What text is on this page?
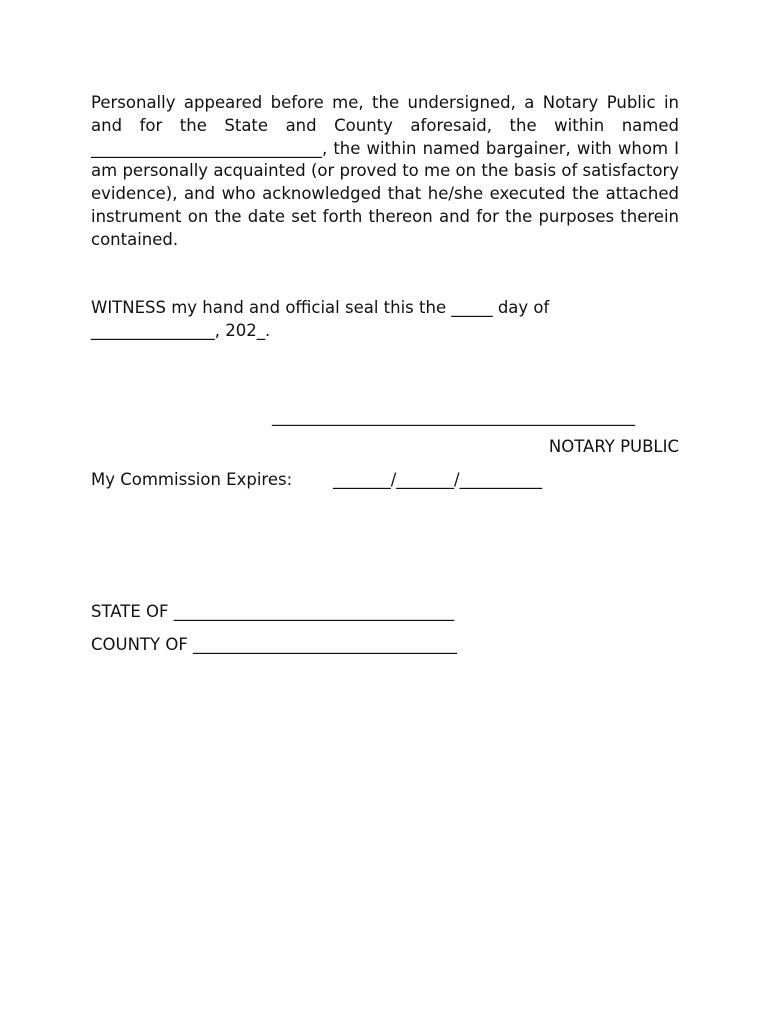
Personally appeared before me, the undersigned, a Notary Public in and for the State and County aforesaid, the within named ____________________________, the within named bargainer, with whom I am personally acquainted (or proved to me on the basis of satisfactory evidence), and who acknowledged that he/she executed the attached instrument on the date set forth thereon and for the purposes therein contained.

WITNESS my hand and official seal this the _____ day of
_______________, 202_.
____________________________________________
NOTARY PUBLIC
My Commission Expires: _______/_______/__________
STATE OF __________________________________
COUNTY OF ________________________________
